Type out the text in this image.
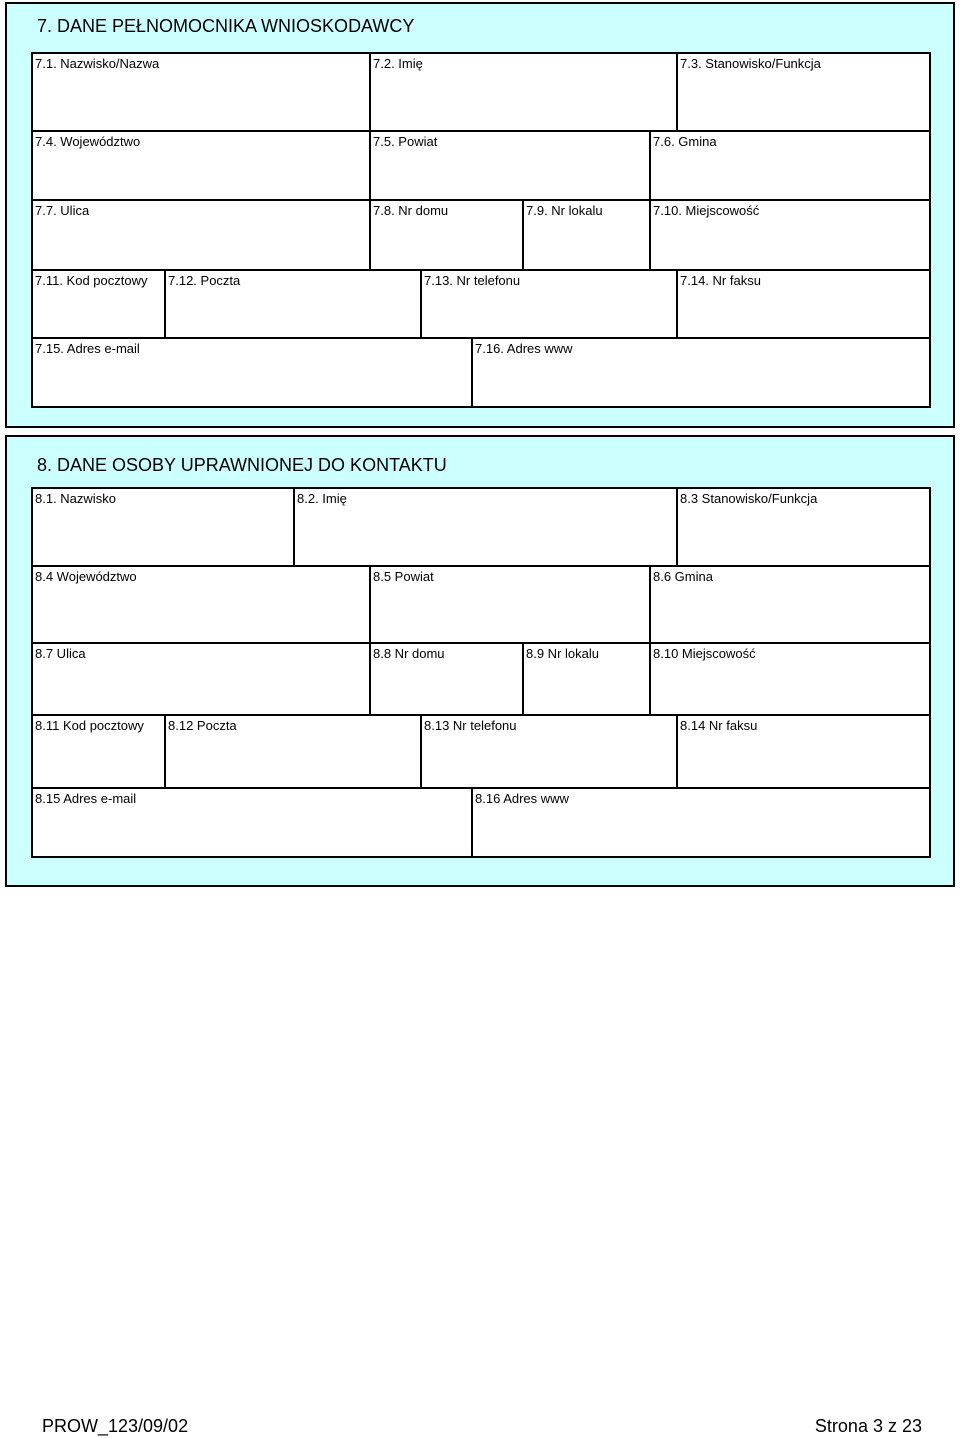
7. DANE PEŁNOMOCNIKA WNIOSKODAWCY
7.1. Nazwisko/Nazwa	7.2. Imię	7.3. Stanowisko/Funkcja
7.4. Województwo	7.5. Powiat	7.6. Gmina
7.7. Ulica	7.8. Nr domu	7.9. Nr lokalu	7.10. Miejscowość
7.11. Kod pocztowy 7.12. Poczta	7.13. Nr telefonu	7.14. Nr faksu
7.15. Adres e-mail	7.16. Adres www
8. DANE OSOBY UPRAWNIONEJ DO KONTAKTU
8.1. Nazwisko	8.2. Imię	8.3 Stanowisko/Funkcja
8.4 Województwo	8.5 Powiat	8.6 Gmina
8.7 Ulica	8.8 Nr domu	8.9 Nr lokalu	8.10 Miejscowość
8.11 Kod pocztowy 8.12 Poczta	8.13 Nr telefonu	8.14 Nr faksu
8.15 Adres e-mail	8.16 Adres www
PROW_123/09/02	Strona 3 z 23
